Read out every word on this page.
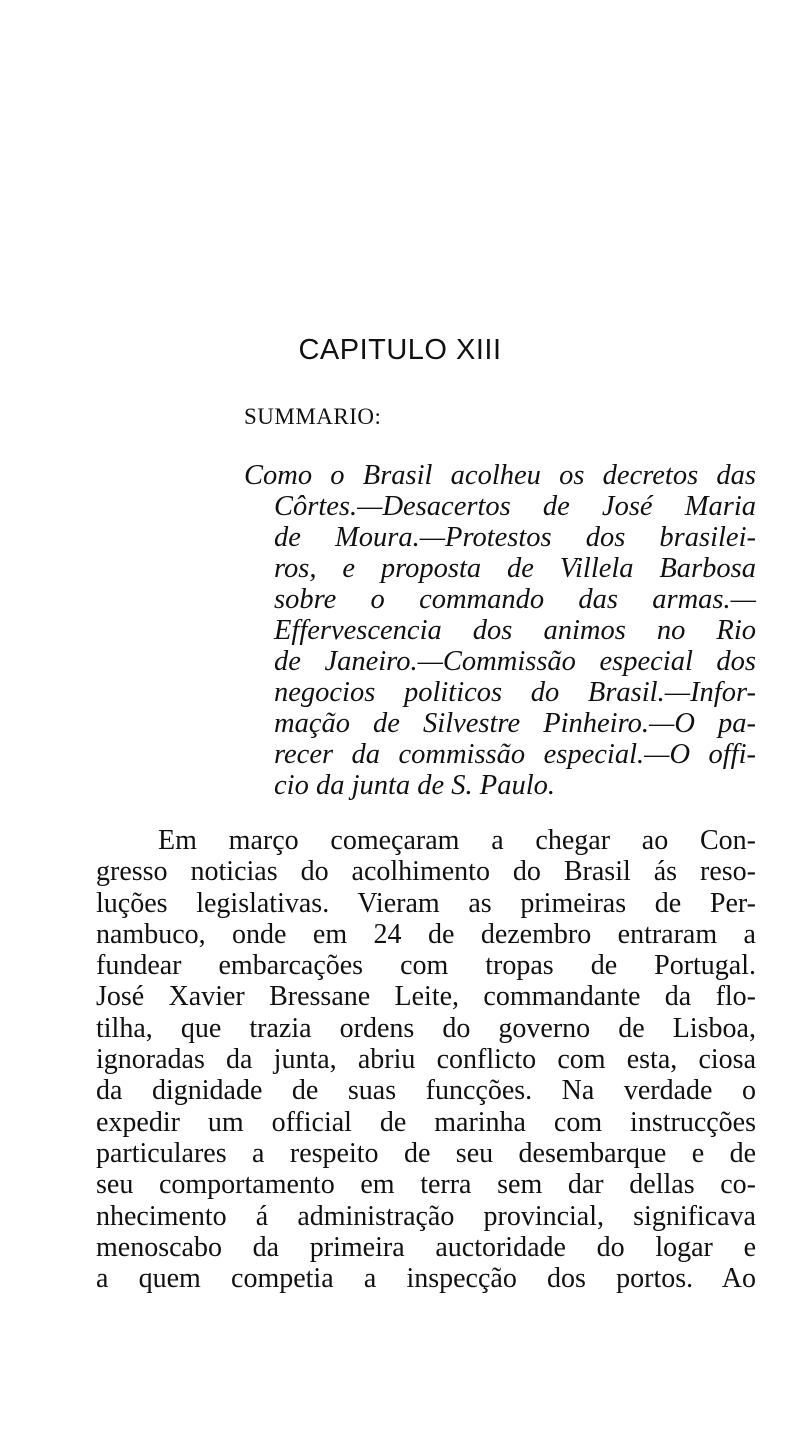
CAPITULO XIII
SUMMARIO:
Como o Brasil acolheu os decretos das
Côrtes.—Desacertos de José Maria
de Moura.—Protestos dos brasilei-
ros, e proposta de Villela Barbosa
sobre o commando das armas.—
Effervescencia dos animos no Rio
de Janeiro.—Commissão especial dos
negocios politicos do Brasil.—Infor-
mação de Silvestre Pinheiro.—O pa-
recer da commissão especial.—O offi-
cio da junta de S. Paulo.
Em março começaram a chegar ao Con-
gresso noticias do acolhimento do Brasil ás reso-
luções legislativas. Vieram as primeiras de Per-
nambuco, onde em 24 de dezembro entraram a
fundear embarcações com tropas de Portugal.
José Xavier Bressane Leite, commandante da flo-
tilha, que trazia ordens do governo de Lisboa,
ignoradas da junta, abriu conflicto com esta, ciosa
da dignidade de suas funcções. Na verdade o
expedir um official de marinha com instrucções
particulares a respeito de seu desembarque e de
seu comportamento em terra sem dar dellas co-
nhecimento á administração provincial, significava
menoscabo da primeira auctoridade do logar e
a quem competia a inspecção dos portos. Ao
